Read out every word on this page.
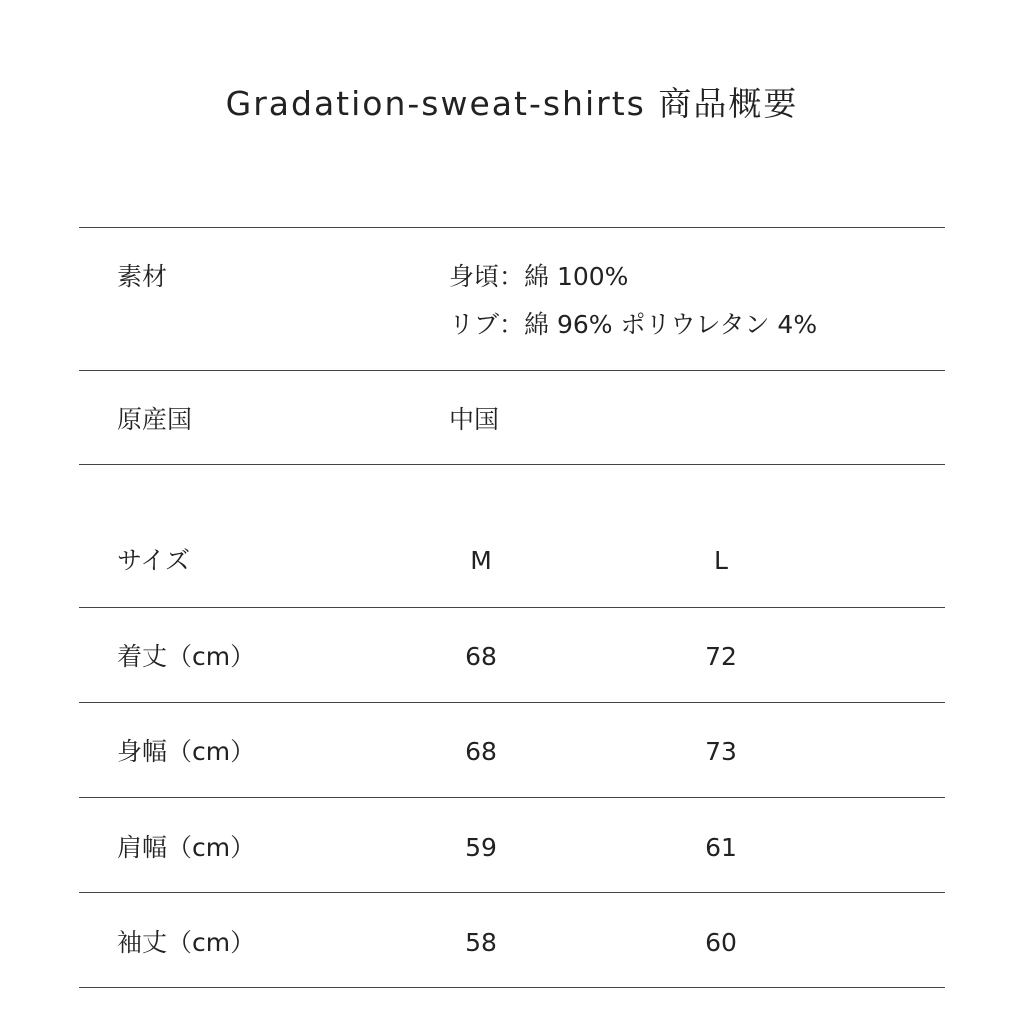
Gradation-sweat-shirts 商品概要
素材	身頃：綿 100%
リブ：綿 96% ポリウレタン 4%
原産国	中国
サイズ	M	L
着丈（cm）	68	72
身幅（cm）	68	73
肩幅（cm）	59	61
袖丈（cm）	58	60
